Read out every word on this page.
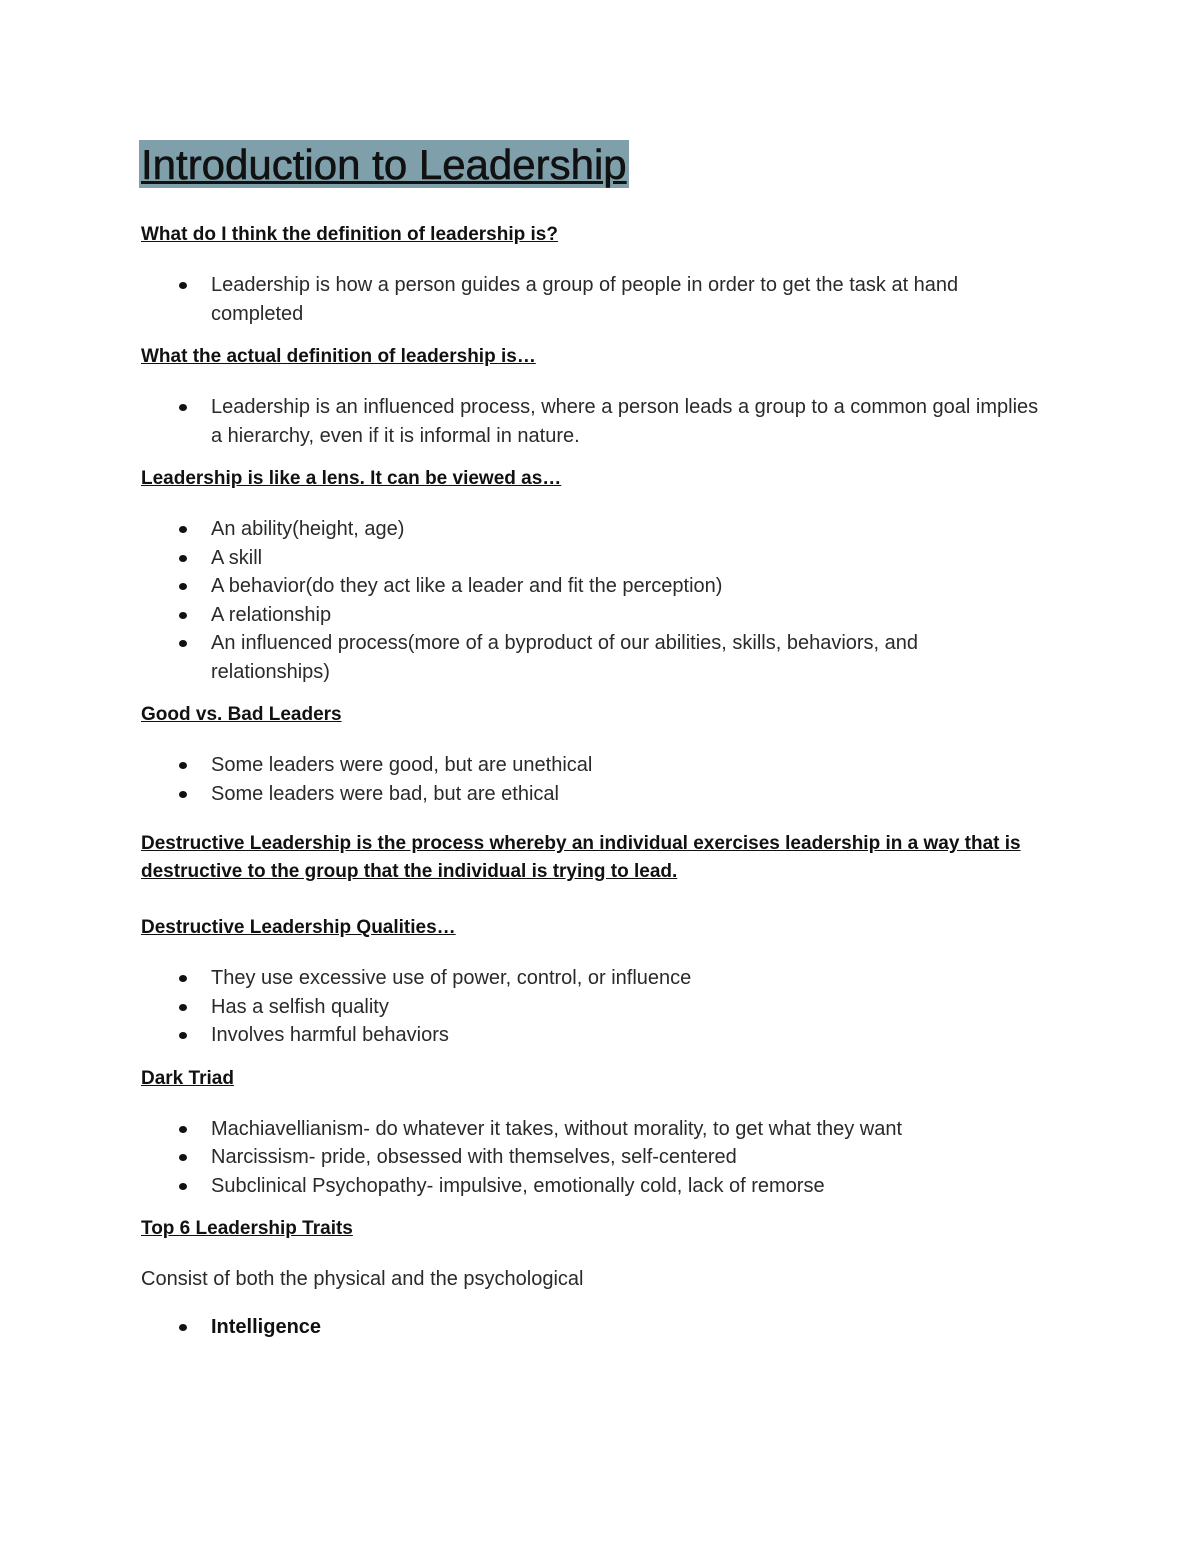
Introduction to Leadership
What do I think the definition of leadership is?
Leadership is how a person guides a group of people in order to get the task at hand completed
What the actual definition of leadership is…
Leadership is an influenced process, where a person leads a group to a common goal implies a hierarchy, even if it is informal in nature.
Leadership is like a lens. It can be viewed as…
An ability(height, age)
A skill
A behavior(do they act like a leader and fit the perception)
A relationship
An influenced process(more of a byproduct of our abilities, skills, behaviors, and relationships)
Good vs. Bad Leaders
Some leaders were good, but are unethical
Some leaders were bad, but are ethical
Destructive Leadership is the process whereby an individual exercises leadership in a way that is destructive to the group that the individual is trying to lead.
Destructive Leadership Qualities…
They use excessive use of power, control, or influence
Has a selfish quality
Involves harmful behaviors
Dark Triad
Machiavellianism- do whatever it takes, without morality, to get what they want
Narcissism- pride, obsessed with themselves, self-centered
Subclinical Psychopathy- impulsive, emotionally cold, lack of remorse
Top 6 Leadership Traits

Consist of both the physical and the psychological

Intelligence
